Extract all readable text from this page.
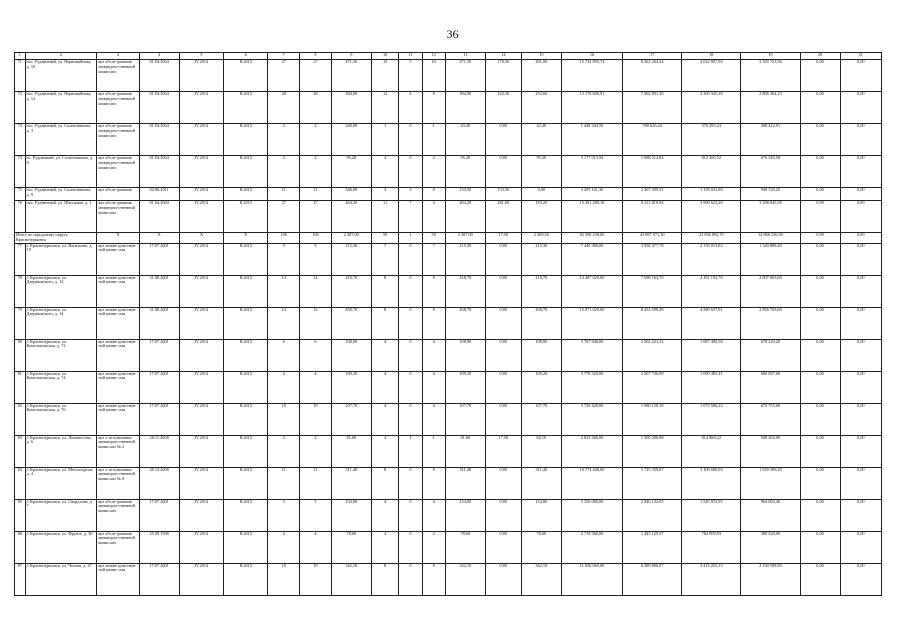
36
1	2	3	4	5	6	7	8	9	10	11	12	13	14	15	16	17	18	19	20	21
71	пос. Рудничный, ул. Первомайская, д. 10	акт обсле-дования межведом-ственной комиссии	01.04.2004	IV.2014	II.2015	27	27	471,50	15	5	10	471,50	170,50	301,00	15 734 895,74	8 361 264,24	4 022 907,94	3 350 723,56	0,00	0,00
72	пос. Рудничный, ул. Первомайская, д. 12	акт обсле-дования межведом-ственной комиссии	01.04.2004	IV.2014	II.2015	28	28	394,90	12	4	8	394,90	142,30	252,60	13 178 600,91	7 002 891,30	3 369 345,28	2 806 364,23	0,00	0,00
73	пос. Рудничный, ул. Солнечникова, д. 3	акт обсле-дования межведом-ственной комиссии	01.04.2004	IV.2014	II.2015	2	2	340,00	1	0	1	43,40	0,00	43,40	1 448 344,59	769 626,44	370 295,24	308 422,91	0,00	0,00
74	пс. Рудничный, ул. Солнечникова, д. 8	акт обсле-дования межведом-ственной комиссии	01.04.2004	IV.2014	II.2015	2	2	95,20	2	0	2	95,20	0,00	95,20	3 177 013,94	1 688 212,84	812 260,52	676 540,58	0,00	0,00
75	пос. Рудничный, ул. Солнечникова, д. 9	акт обсле-дования	02.06.2011	IV.2014	II.2015	11	11	346,00	3	3	0	133,50	133,50	0,00	4 455 161,36	2 367 399,31	1 139 041,80	948 720,25	0,00	0,00
76	пос. Рудничный, ул. Школьная, д. 1	акт обсле-дования межведом-ственной комиссии	01.04.2004	IV.2014	II.2015	27	27	464,20	11	7	4	464,20	281,00	183,20	15 491 280,18	8 231 810,94	3 960 623,26	3 298 845,98	0,00	0,00
Итого по городскому округу Краснотурьинск		X	X	X	X	106	106	2 387,00	59	1	58	2 387,00	17,50	2 369,50	82 590 230,00	43 887 071,30	23 836 892,70	14 866 236,00	0,00	0,00
77	г. Краснотурьинск, ул. Васильева, д. 19	акт межве-домствен-ной комис-сии	17.07.2001	IV.2014	II.2015	9	9	215,30	7	0	7	215,30	0,00	215,30	7 449 380,00	3 958 477,78	2 150 013,82	1 340 888,40	0,00	0,00
78	г. Краснотурьинск, ул. Дзержинского, д. 12	акт межве-домствен-ной комис-сии	31.08.2001	IV.2014	II.2015	14	14	418,70	8	0	8	418,70	0,00	418,70	14 487 020,00	7 698 163,70	4 181 192,70	2 607 663,60	0,00	0,00
79	г. Краснотурьинск, ул. Дзержинского, д. 14	акт межве-домствен-ной комис-сии	31.08.2001	IV.2014	II.2015	13	13	458,70	8	0	8	458,70	0,00	458,70	15 871 020,00	8 433 598,49	4 580 637,91	2 856 783,60	0,00	0,00
80	г. Краснотурьинск, ул. Комсомольская, д. 72	акт межве-домствен-ной комис-сии	17.07.2001	IV.2014	II.2015	6	6	108,90	4	0	4	108,90	0,00	108,90	3 767 940,00	2 002 221,22	1 087 489,58	678 229,20	0,00	0,00
81	г. Краснотурьинск, ул. Комсомольская, д. 74	акт межве-домствен-ной комис-сии	17.07.2001	IV.2014	II.2015	4	4	109,20	4	0	4	109,20	0,00	109,20	3 778 320,00	2 007 736,99	1 090 485,41	680 097,60	0,00	0,00
82	г. Краснотурьинск, ул. Комсомольская, д. 76	акт межве-домствен-ной комис-сии	17.07.2001	IV.2014	II.2015	19	19	107,70	4	0	4	107,70	0,00	107,70	3 726 420,00	1 980 158,18	1 075 506,22	670 755,60	0,00	0,00
83	г. Краснотурьинск, ул. Ломоносова, д. 6	акт о за-ключении межведом-ственной комиссии № 2	26.11.2008	IV.2014	II.2015	2	2	81,60	2	1	1	81,60	17,50	64,10	2 823 360,00	1 500 286,98	814 868,22	508 204,80	0,00	0,00
84	г. Краснотурьинск, ул. Металлургов, д. 4	акт о за-ключении межведом-ственной комиссии № 8	28.12.2008	IV.2014	II.2015	11	11	311,40	8	0	8	311,40	0,00	311,40	10 774 440,00	5 725 359,87	3 109 680,93	1 939 399,20	0,00	0,00
85	г. Краснотурьинск, ул. Свердлова, д. 7	акт обсле-дования межведом-ственной комиссии	17.07.2001	IV.2014	II.2015	5	5	154,80	4	0	4	154,80	0,00	154,80	5 356 080,00	2 846 132,65	1 545 852,95	964 094,40	0,00	0,00
86	г. Краснотурьинск, ул. Фрунзе, д. 30	акт обсле-дования межведом-ственной комиссии	25.09.1998	IV.2014	II.2015	4	4	78,60	2	0	2	78,60	0,00	78,60	2 719 560,00	1 445 129,37	784 909,83	489 520,80	0,00	0,00
87	г. Краснотурьинск, ул. Чехова, д. 27	акт межве-домствен-ной комис-сии	17.07.2001	IV.2014	II.2015	19	19	342,10	8	0	8	342,10	0,00	342,10	11 836 660,00	6 289 806,07	3 416 255,13	2 130 598,80	0,00	0,00
